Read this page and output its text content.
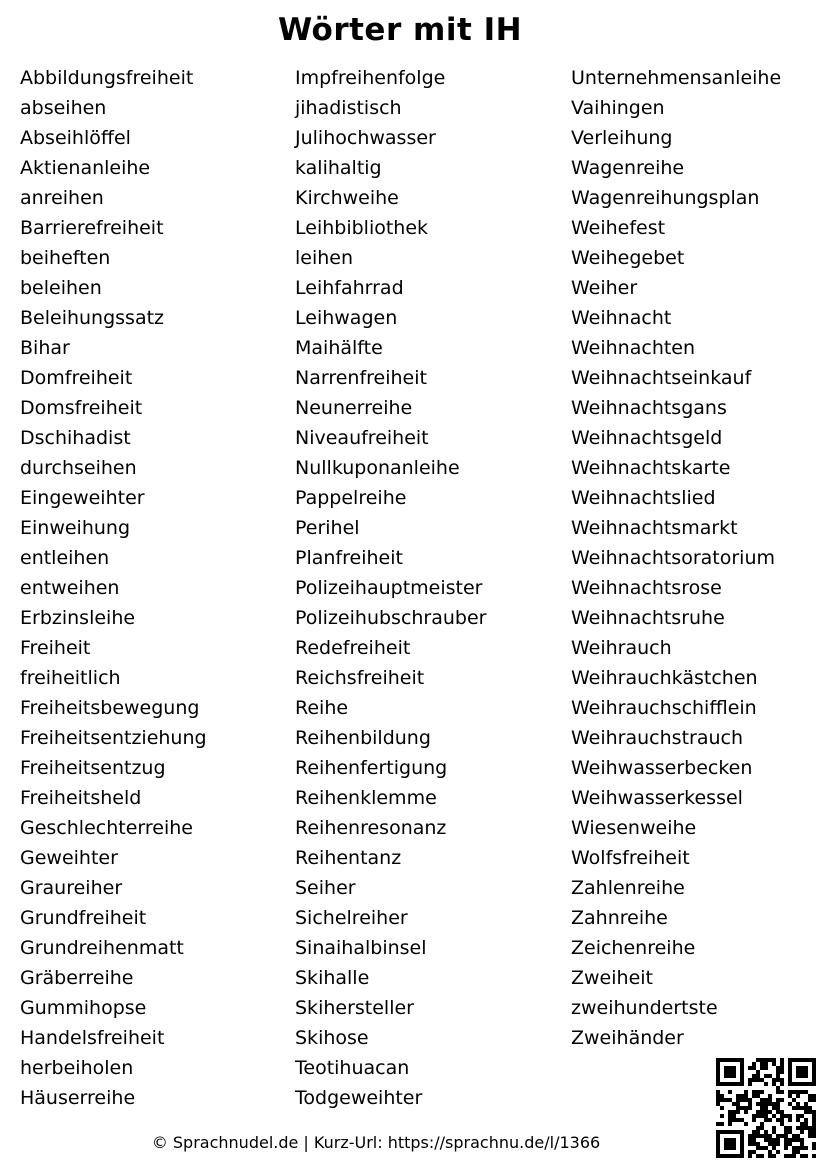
Wörter mit IH
Abbildungsfreiheit
abseihen
Abseihlöffel
Aktienanleihe
anreihen
Barrierefreiheit
beiheften
beleihen
Beleihungssatz
Bihar
Domfreiheit
Domsfreiheit
Dschihadist
durchseihen
Eingeweihter
Einweihung
entleihen
entweihen
Erbzinsleihe
Freiheit
freiheitlich
Freiheitsbewegung
Freiheitsentziehung
Freiheitsentzug
Freiheitsheld
Geschlechterreihe
Geweihter
Graureiher
Grundfreiheit
Grundreihenmatt
Gräberreihe
Gummihopse
Handelsfreiheit
herbeiholen
Häuserreihe
Impfreihenfolge
jihadistisch
Julihochwasser
kalihaltig
Kirchweihe
Leihbibliothek
leihen
Leihfahrrad
Leihwagen
Maihälfte
Narrenfreiheit
Neunerreihe
Niveaufreiheit
Nullkuponanleihe
Pappelreihe
Perihel
Planfreiheit
Polizeihauptmeister
Polizeihubschrauber
Redefreiheit
Reichsfreiheit
Reihe
Reihenbildung
Reihenfertigung
Reihenklemme
Reihenresonanz
Reihentanz
Seiher
Sichelreiher
Sinaihalbinsel
Skihalle
Skihersteller
Skihose
Teotihuacan
Todgeweihter
Unternehmensanleihe
Vaihingen
Verleihung
Wagenreihe
Wagenreihungsplan
Weihefest
Weihegebet
Weiher
Weihnacht
Weihnachten
Weihnachtseinkauf
Weihnachtsgans
Weihnachtsgeld
Weihnachtskarte
Weihnachtslied
Weihnachtsmarkt
Weihnachtsoratorium
Weihnachtsrose
Weihnachtsruhe
Weihrauch
Weihrauchkästchen
Weihrauchschifflein
Weihrauchstrauch
Weihwasserbecken
Weihwasserkessel
Wiesenweihe
Wolfsfreiheit
Zahlenreihe
Zahnreihe
Zeichenreihe
Zweiheit
zweihundertste
Zweihänder
© Sprachnudel.de | Kurz-Url: https://sprachnu.de/l/1366
